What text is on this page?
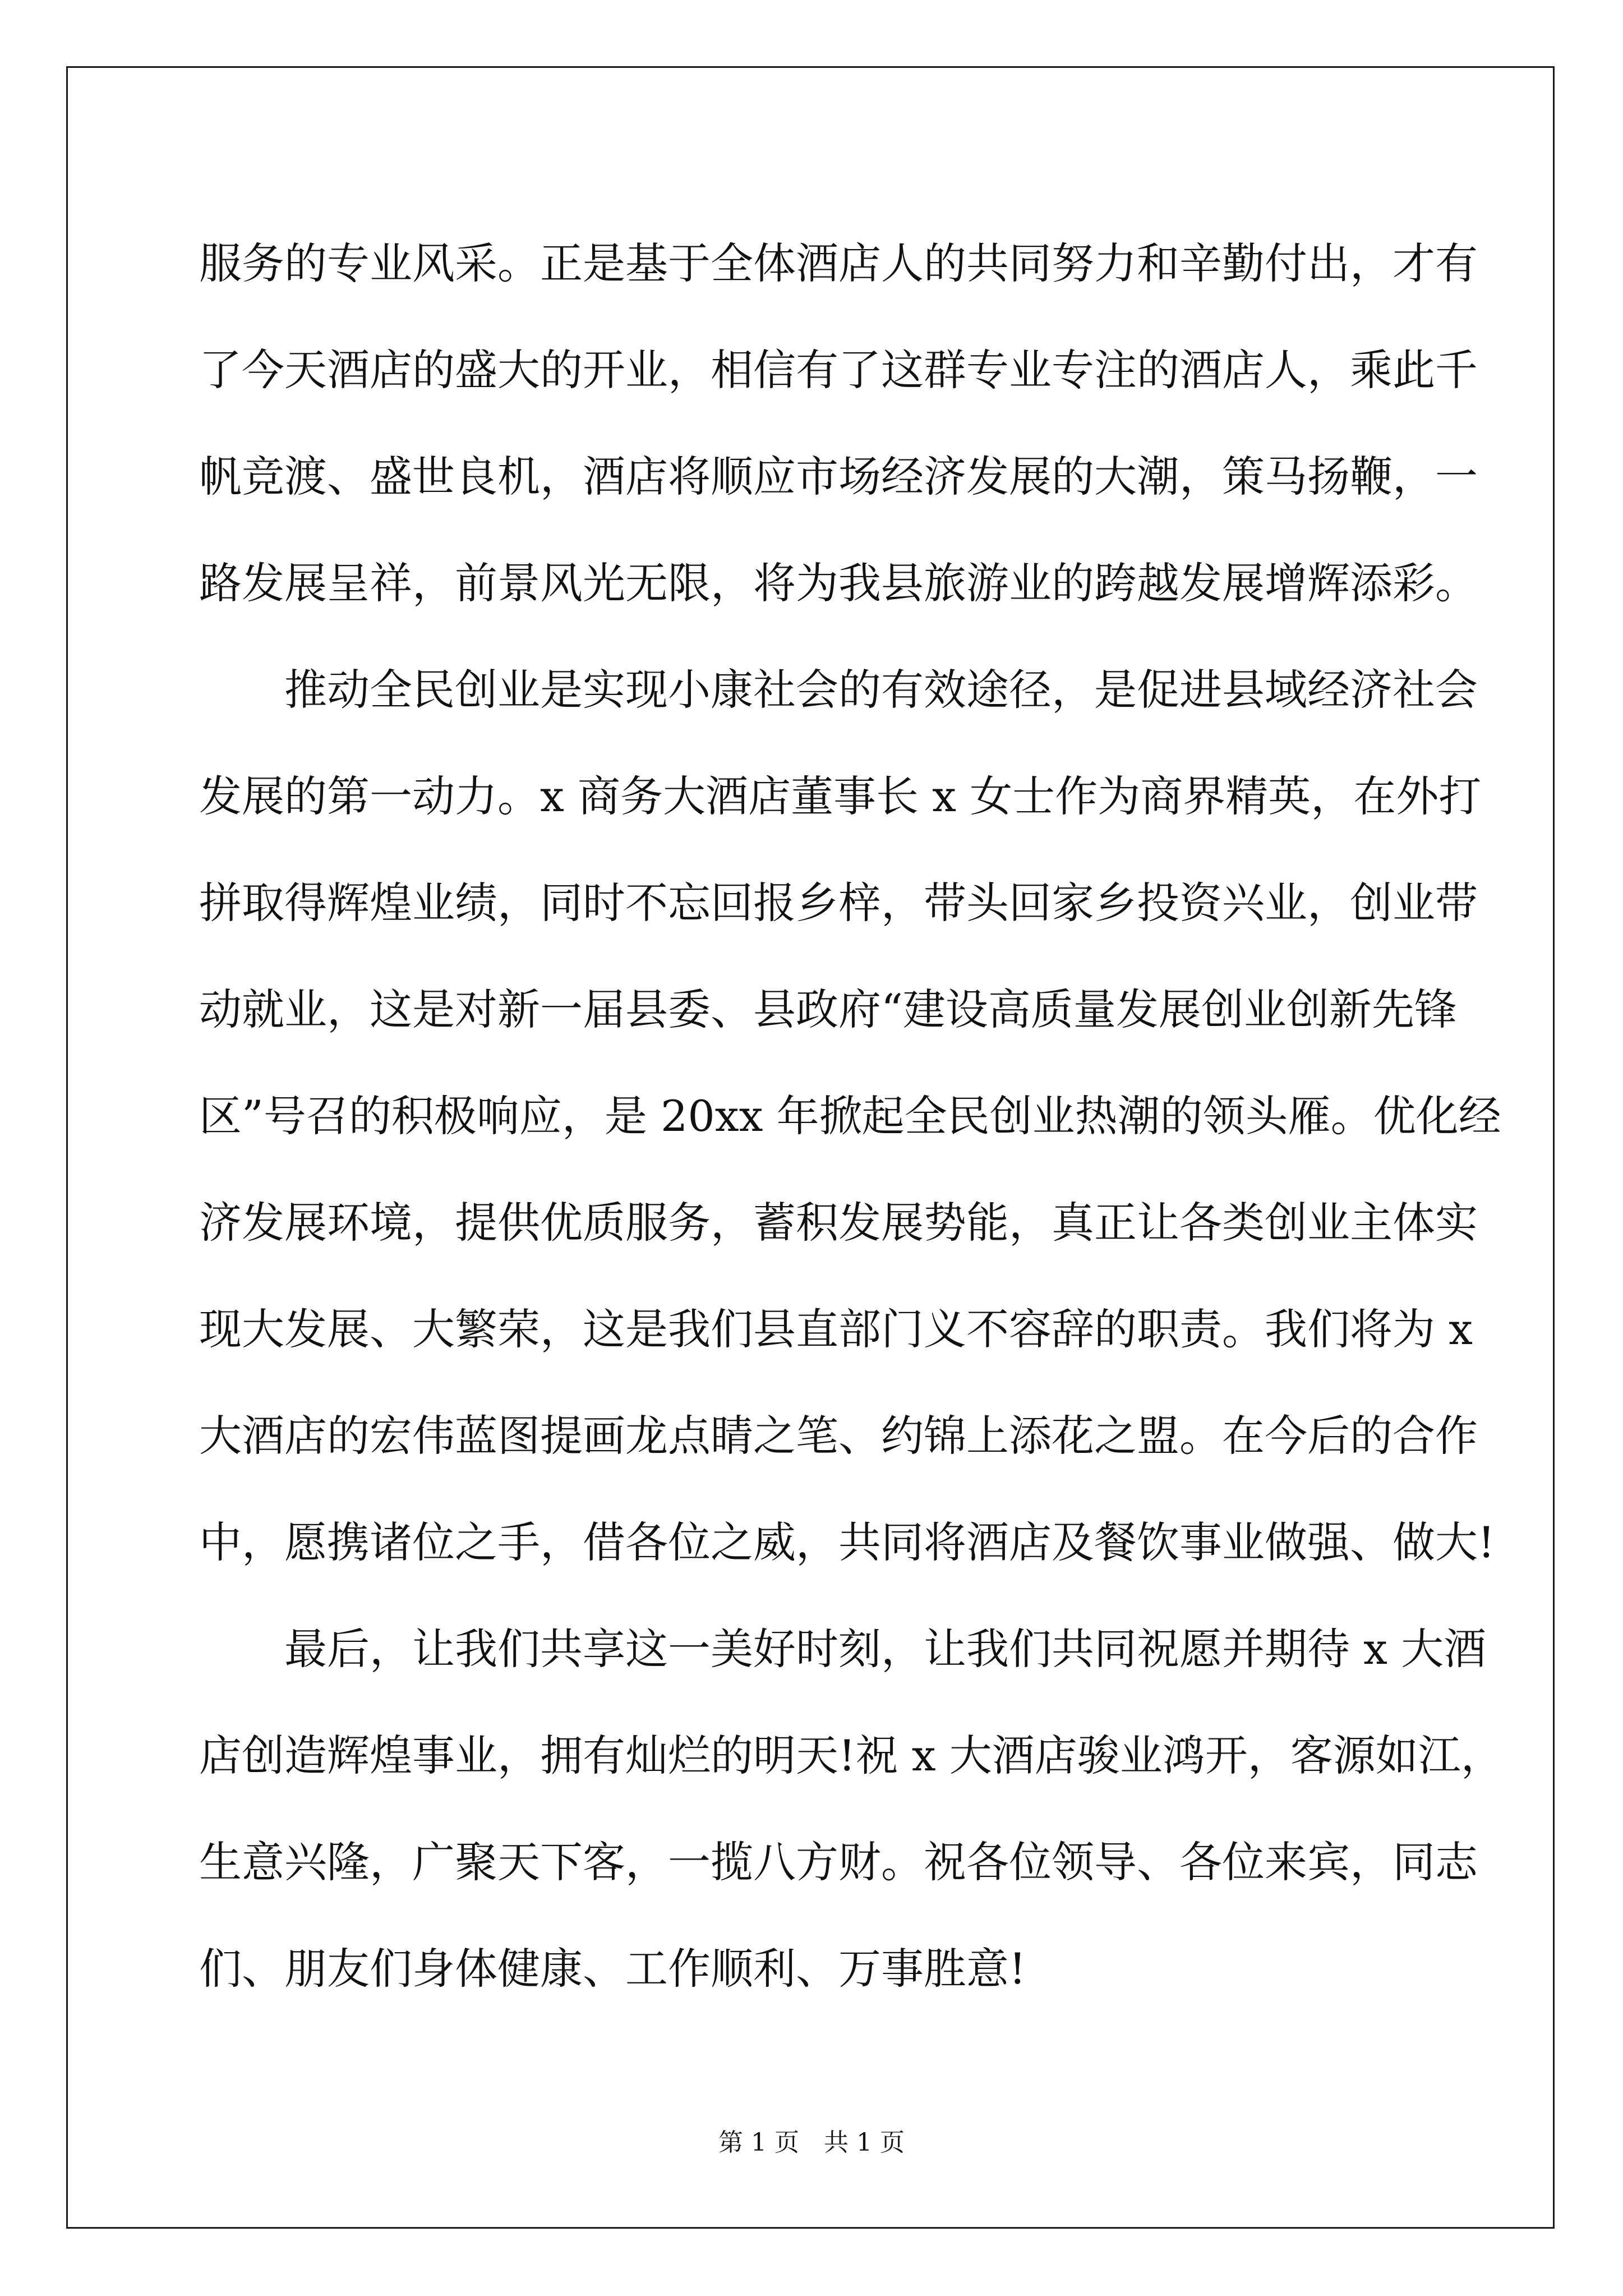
服务的专业风采。正是基于全体酒店人的共同努力和辛勤付出，才有
了今天酒店的盛大的开业，相信有了这群专业专注的酒店人，乘此千
帆竞渡、盛世良机，酒店将顺应市场经济发展的大潮，策马扬鞭，一
路发展呈祥，前景风光无限，将为我县旅游业的跨越发展增辉添彩。
推动全民创业是实现小康社会的有效途径，是促进县域经济社会
发展的第一动力。x 商务大酒店董事长 x 女士作为商界精英，在外打
拼取得辉煌业绩，同时不忘回报乡梓，带头回家乡投资兴业，创业带
动就业，这是对新一届县委、县政府“建设高质量发展创业创新先锋
区”号召的积极响应，是 20xx 年掀起全民创业热潮的领头雁。优化经
济发展环境，提供优质服务，蓄积发展势能，真正让各类创业主体实
现大发展、大繁荣，这是我们县直部门义不容辞的职责。我们将为 x
大酒店的宏伟蓝图提画龙点睛之笔、约锦上添花之盟。在今后的合作
中，愿携诸位之手，借各位之威，共同将酒店及餐饮事业做强、做大!
最后，让我们共享这一美好时刻，让我们共同祝愿并期待 x 大酒
店创造辉煌事业，拥有灿烂的明天!祝 x 大酒店骏业鸿开，客源如江，
生意兴隆，广聚天下客，一揽八方财。祝各位领导、各位来宾，同志
们、朋友们身体健康、工作顺利、万事胜意!
第 1 页　共 1 页
